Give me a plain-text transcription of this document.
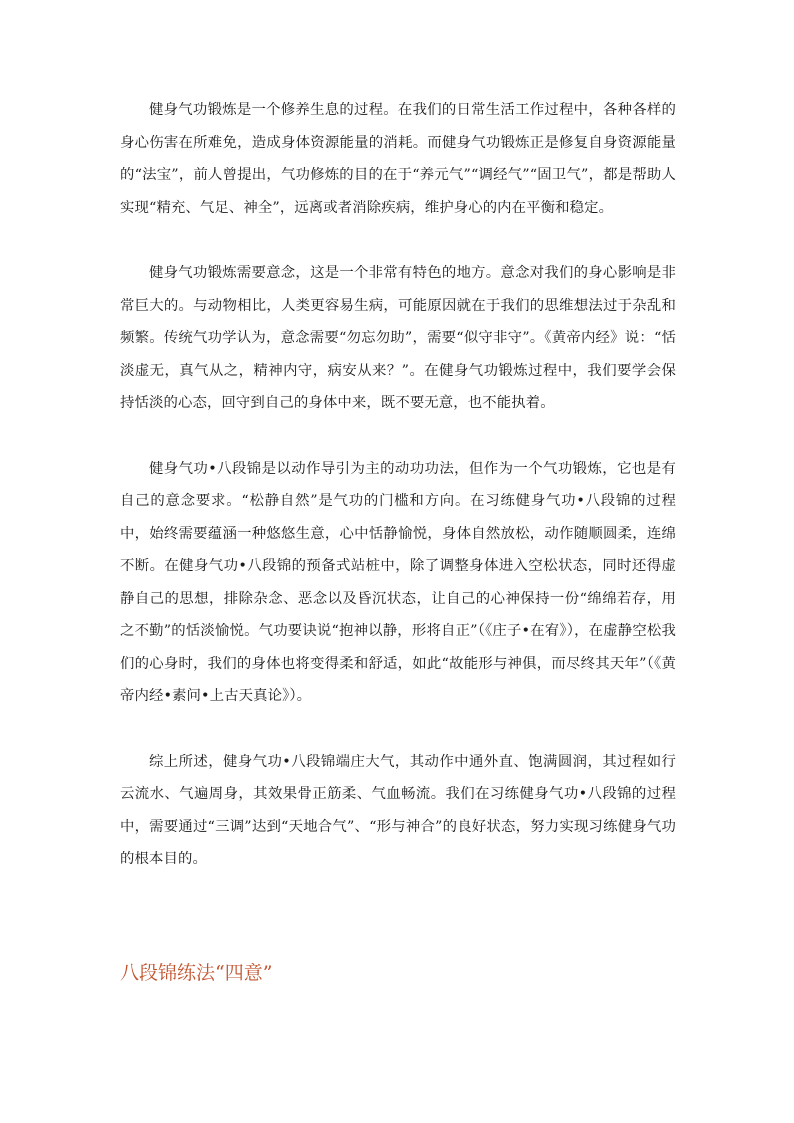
健身气功锻炼是一个修养生息的过程。在我们的日常生活工作过程中，各种各样的身心伤害在所难免，造成身体资源能量的消耗。而健身气功锻炼正是修复自身资源能量的“法宝”，前人曾提出，气功修炼的目的在于“养元气”“调经气”“固卫气”，都是帮助人实现“精充、气足、神全”，远离或者消除疾病，维护身心的内在平衡和稳定。

健身气功锻炼需要意念，这是一个非常有特色的地方。意念对我们的身心影响是非常巨大的。与动物相比，人类更容易生病，可能原因就在于我们的思维想法过于杂乱和频繁。传统气功学认为，意念需要“勿忘勿助”，需要“似守非守”。《黄帝内经》说：“恬淡虚无，真气从之，精神内守，病安从来？”。在健身气功锻炼过程中，我们要学会保持恬淡的心态，回守到自己的身体中来，既不要无意，也不能执着。

健身气功•八段锦是以动作导引为主的动功功法，但作为一个气功锻炼，它也是有自己的意念要求。“松静自然”是气功的门槛和方向。在习练健身气功•八段锦的过程中，始终需要蕴涵一种悠悠生意，心中恬静愉悦，身体自然放松，动作随顺圆柔，连绵不断。在健身气功•八段锦的预备式站桩中，除了调整身体进入空松状态，同时还得虚静自己的思想，排除杂念、恶念以及昏沉状态，让自己的心神保持一份“绵绵若存，用之不勤”的恬淡愉悦。气功要诀说“抱神以静，形将自正”（《庄子•在宥》），在虚静空松我们的心身时，我们的身体也将变得柔和舒适，如此“故能形与神俱，而尽终其天年”（《黄帝内经•素问•上古天真论》）。

综上所述，健身气功•八段锦端庄大气，其动作中通外直、饱满圆润，其过程如行云流水、气遍周身，其效果骨正筋柔、气血畅流。我们在习练健身气功•八段锦的过程中，需要通过“三调”达到“天地合气”、“形与神合”的良好状态，努力实现习练健身气功的根本目的。

八段锦练法“四意”
